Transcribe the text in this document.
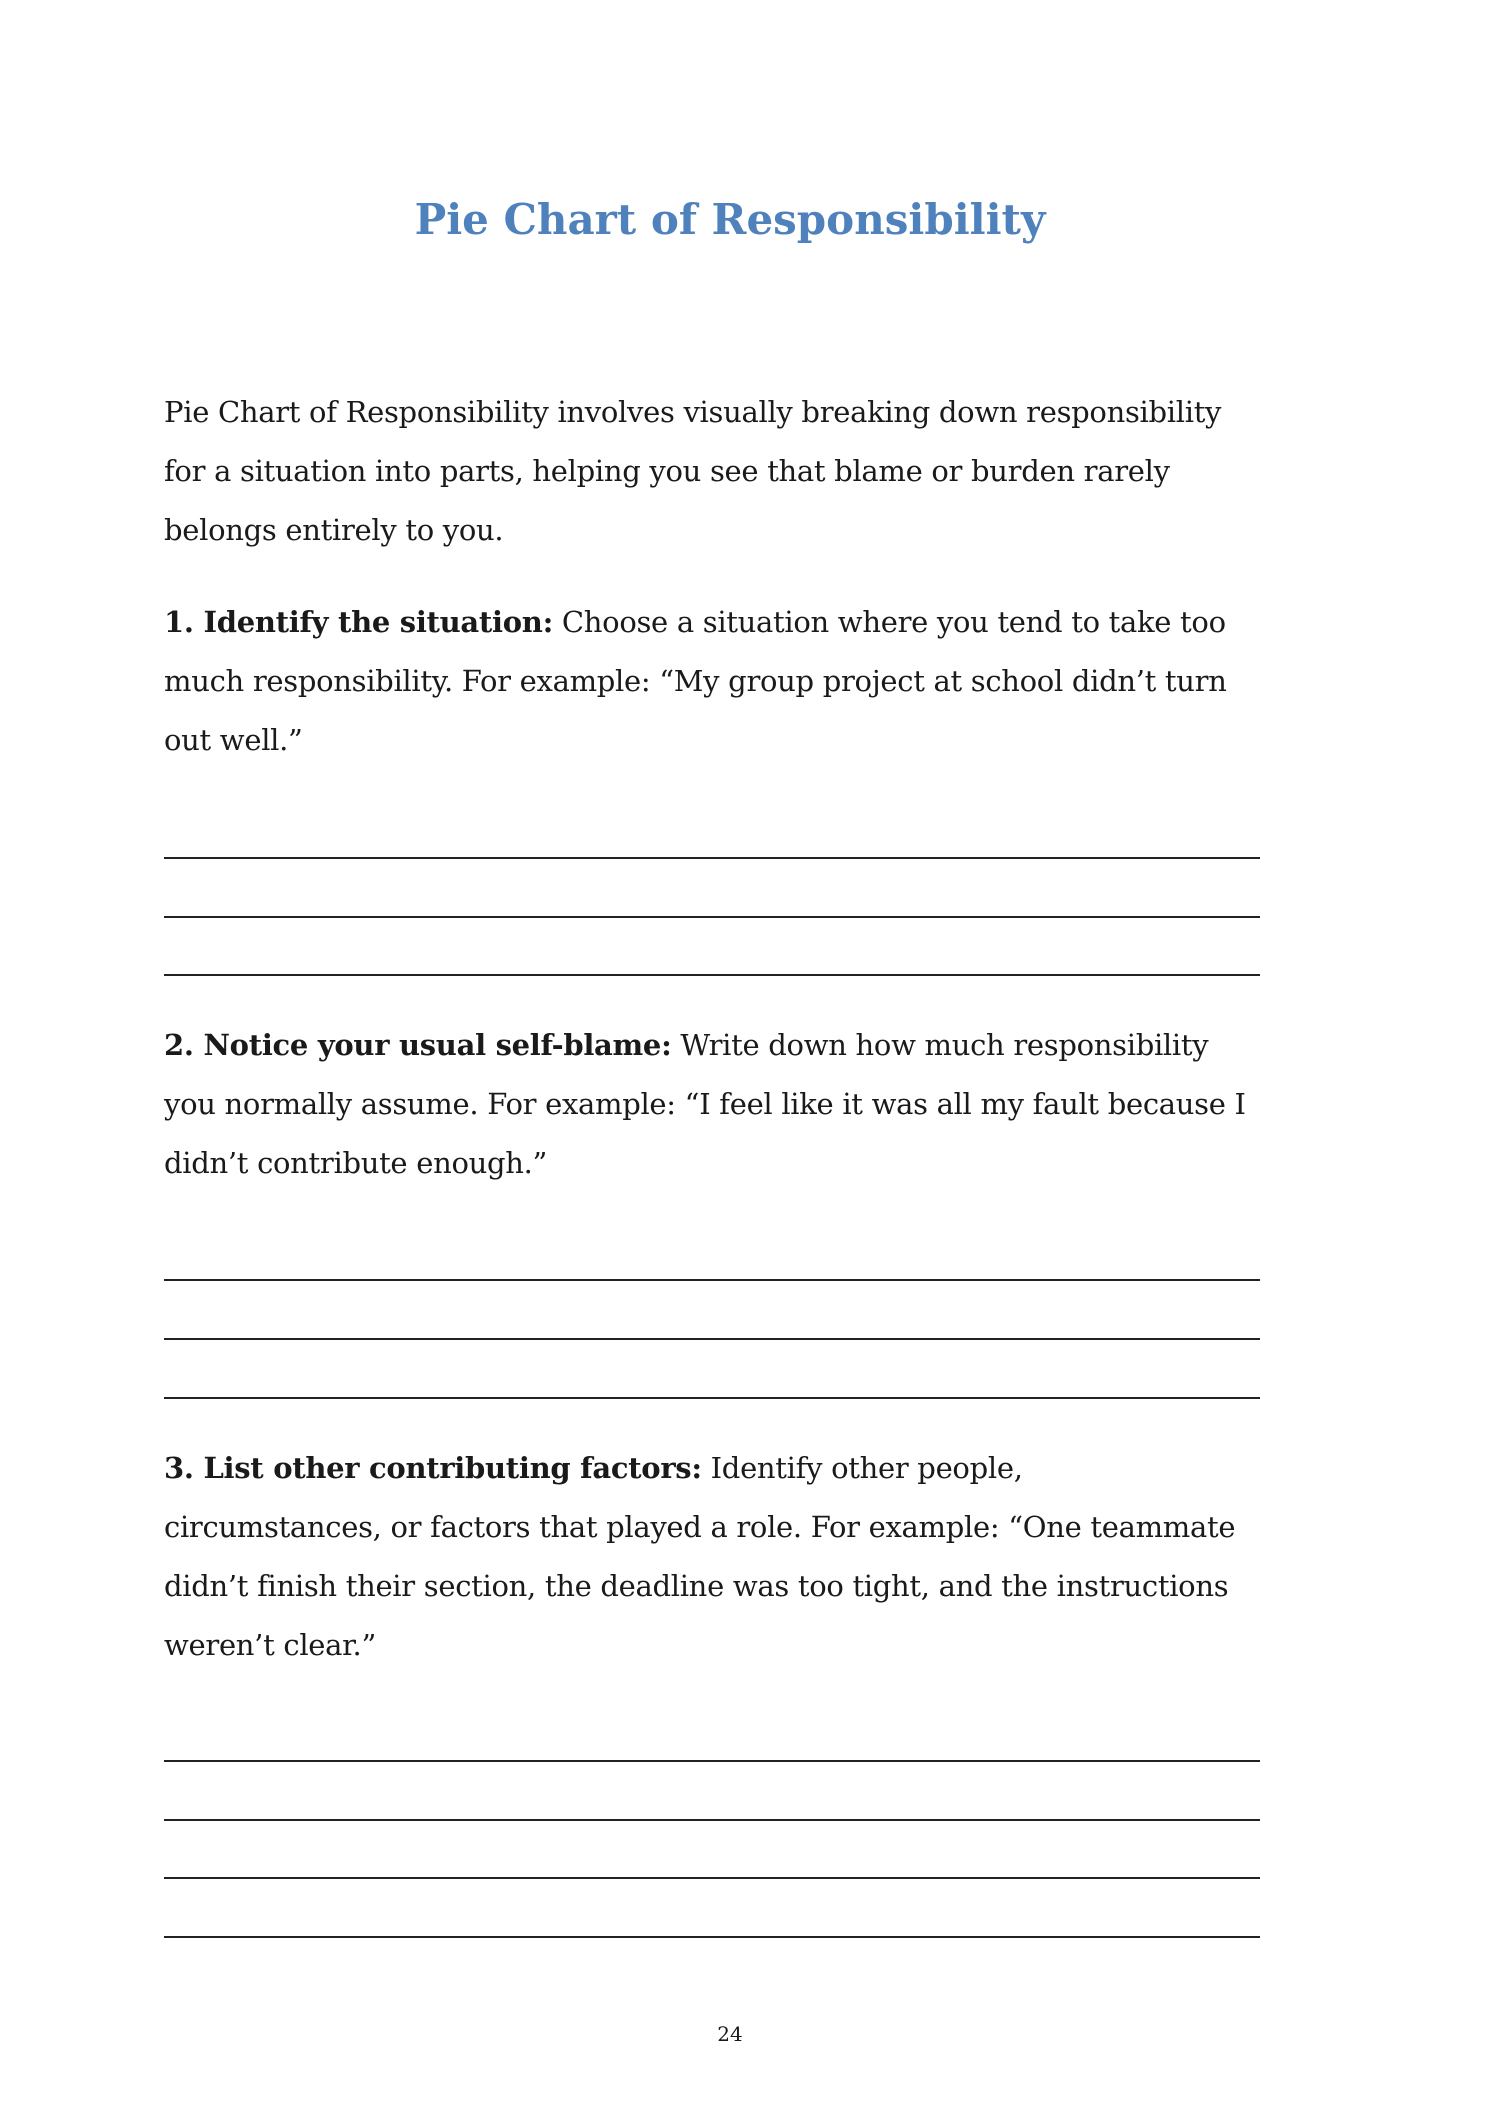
Pie Chart of Responsibility
Pie Chart of Responsibility involves visually breaking down responsibility
for a situation into parts, helping you see that blame or burden rarely
belongs entirely to you.
1. Identify the situation: Choose a situation where you tend to take too
much responsibility. For example: “My group project at school didn’t turn
out well.”
2. Notice your usual self-blame: Write down how much responsibility
you normally assume. For example: “I feel like it was all my fault because I
didn’t contribute enough.”
3. List other contributing factors: Identify other people,
circumstances, or factors that played a role. For example: “One teammate
didn’t finish their section, the deadline was too tight, and the instructions
weren’t clear.”
24
